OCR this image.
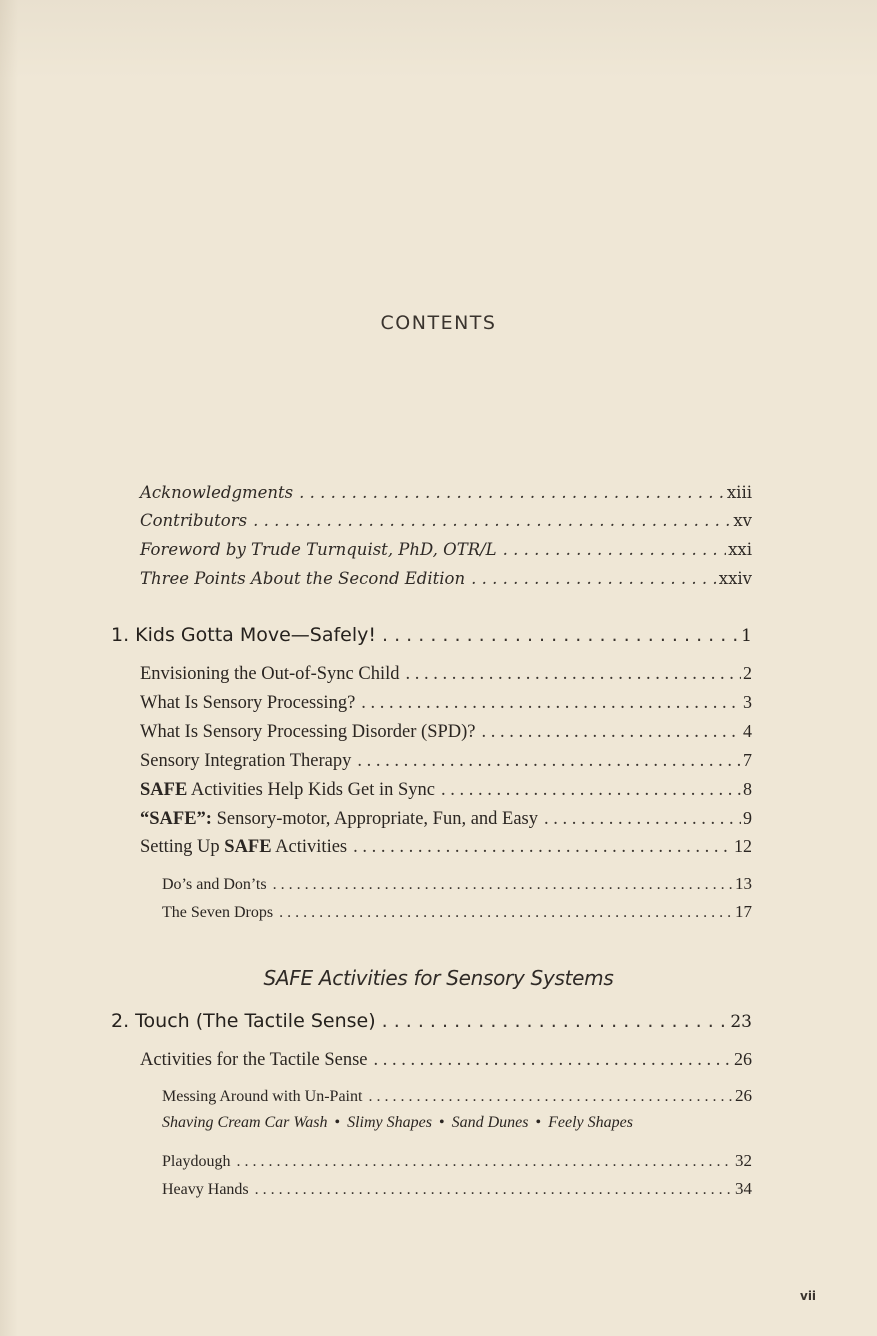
CONTENTS
Acknowledgments . . .	xiii
Contributors . . .	xv
Foreword by Trude Turnquist, PhD, OTR/L . . .	xxi
Three Points About the Second Edition . . .	xxiv
1. Kids Gotta Move—Safely! . . .	1
Envisioning the Out-of-Sync Child . . .	2
What Is Sensory Processing? . . .	3
What Is Sensory Processing Disorder (SPD)? . . .	4
Sensory Integration Therapy . . .	7
SAFE Activities Help Kids Get in Sync . . .	8
“SAFE”: Sensory-motor, Appropriate, Fun, and Easy . . .	9
Setting Up SAFE Activities . . .	12
Do’s and Don’ts . . .	13
The Seven Drops . . .	17
SAFE Activities for Sensory Systems
2. Touch (The Tactile Sense) . . .	23
Activities for the Tactile Sense . . .	26
Messing Around with Un-Paint . . .	26
Shaving Cream Car Wash • Slimy Shapes • Sand Dunes • Feely Shapes
Playdough . . .	32
Heavy Hands . . .	34
vii
